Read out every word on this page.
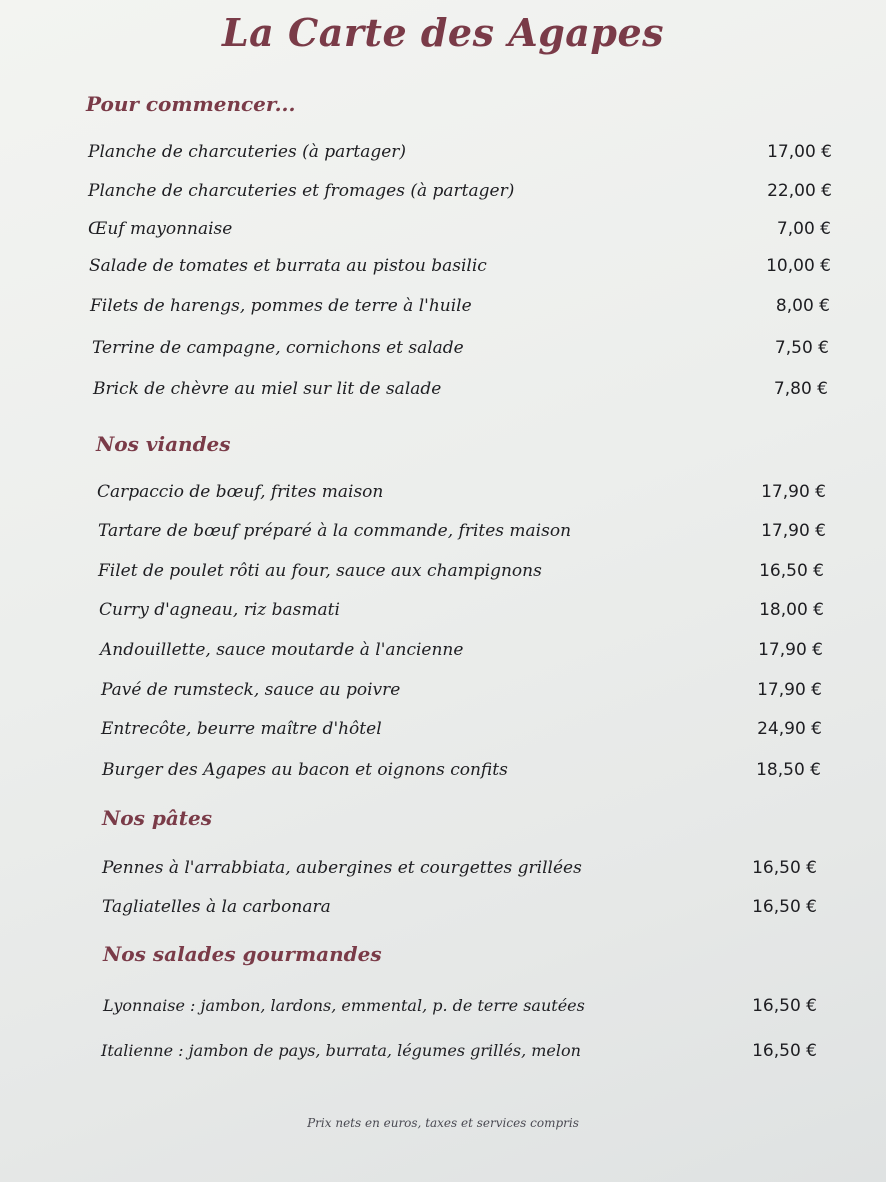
La Carte des Agapes
Pour commencer...
Planche de charcuteries (à partager)	17,00 €
Planche de charcuteries et fromages (à partager)	22,00 €
Œuf mayonnaise	7,00 €
Salade de tomates et burrata au pistou basilic	10,00 €
Filets de harengs, pommes de terre à l'huile	8,00 €
Terrine de campagne, cornichons et salade	7,50 €
Brick de chèvre au miel sur lit de salade	7,80 €
Nos viandes
Carpaccio de bœuf, frites maison	17,90 €
Tartare de bœuf préparé à la commande, frites maison	17,90 €
Filet de poulet rôti au four, sauce aux champignons	16,50 €
Curry d'agneau, riz basmati	18,00 €
Andouillette, sauce moutarde à l'ancienne	17,90 €
Pavé de rumsteck, sauce au poivre	17,90 €
Entrecôte, beurre maître d'hôtel	24,90 €
Burger des Agapes au bacon et oignons confits	18,50 €
Nos pâtes
Pennes à l'arrabbiata, aubergines et courgettes grillées	16,50 €
Tagliatelles à la carbonara	16,50 €
Nos salades gourmandes
Lyonnaise : jambon, lardons, emmental, p. de terre sautées	16,50 €
Italienne : jambon de pays, burrata, légumes grillés, melon	16,50 €
Prix nets en euros, taxes et services compris
